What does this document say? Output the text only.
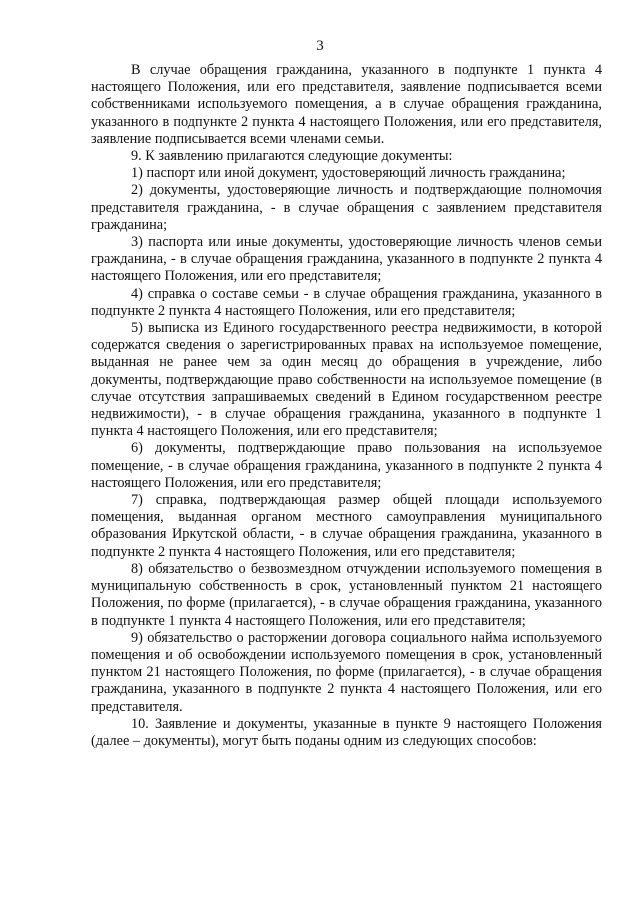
3

В случае обращения гражданина, указанного в подпункте 1 пункта 4 настоящего Положения, или его представителя, заявление подписывается всеми собственниками используемого помещения, а в случае обращения гражданина, указанного в подпункте 2 пункта 4 настоящего Положения, или его представителя, заявление подписывается всеми членами семьи.

9. К заявлению прилагаются следующие документы:

1) паспорт или иной документ, удостоверяющий личность гражданина;

2) документы, удостоверяющие личность и подтверждающие полномочия представителя гражданина, - в случае обращения с заявлением представителя гражданина;

3) паспорта или иные документы, удостоверяющие личность членов семьи гражданина, - в случае обращения гражданина, указанного в подпункте 2 пункта 4 настоящего Положения, или его представителя;

4) справка о составе семьи - в случае обращения гражданина, указанного в подпункте 2 пункта 4 настоящего Положения, или его представителя;

5) выписка из Единого государственного реестра недвижимости, в которой содержатся сведения о зарегистрированных правах на используемое помещение, выданная не ранее чем за один месяц до обращения в учреждение, либо документы, подтверждающие право собственности на используемое помещение (в случае отсутствия запрашиваемых сведений в Едином государственном реестре недвижимости), - в случае обращения гражданина, указанного в подпункте 1 пункта 4 настоящего Положения, или его представителя;

6) документы, подтверждающие право пользования на используемое помещение, - в случае обращения гражданина, указанного в подпункте 2 пункта 4 настоящего Положения, или его представителя;

7) справка, подтверждающая размер общей площади используемого помещения, выданная органом местного самоуправления муниципального образования Иркутской области, - в случае обращения гражданина, указанного в подпункте 2 пункта 4 настоящего Положения, или его представителя;

8) обязательство о безвозмездном отчуждении используемого помещения в муниципальную собственность в срок, установленный пунктом 21 настоящего Положения, по форме (прилагается), - в случае обращения гражданина, указанного в подпункте 1 пункта 4 настоящего Положения, или его представителя;

9) обязательство о расторжении договора социального найма используемого помещения и об освобождении используемого помещения в срок, установленный пунктом 21 настоящего Положения, по форме (прилагается), - в случае обращения гражданина, указанного в подпункте 2 пункта 4 настоящего Положения, или его представителя.

10. Заявление и документы, указанные в пункте 9 настоящего Положения (далее – документы), могут быть поданы одним из следующих способов:
